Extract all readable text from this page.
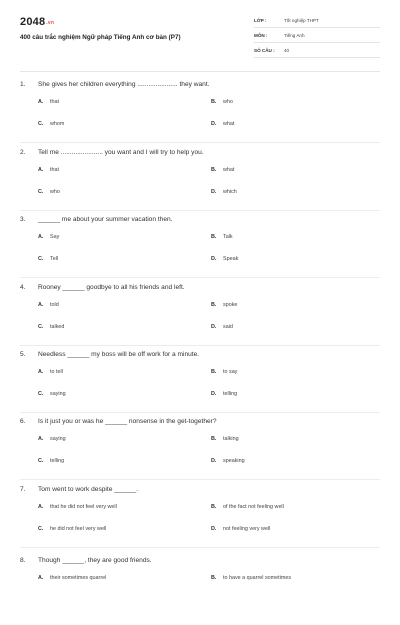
2048.vn
400 câu trắc nghiệm Ngữ pháp Tiếng Anh cơ bản (P7)
LỚP :	Tốt nghiệp THPT
MÔN :	Tiếng Anh
SỐ CÂU : 40
1. She gives her children everything ...................... they want.
A. that	B. who
C. whom	D. what
2. Tell me ....................... you want and I will try to help you.
A. that	B. what
C. who	D. which
3. ______ me about your summer vacation then.
A. Say	B. Talk
C. Tell	D. Speak
4. Rooney ______ goodbye to all his friends and left.
A. told	B. spoke
C. talked	D. said
5. Needless ______ my boss will be off work for a minute.
A. to tell	B. to say
C. saying	D. telling
6. Is it just you or was he ______ nonsense in the get-together?
A. saying	B. talking
C. telling	D. speaking
7. Tom went to work despite ______.
A. that he did not feel very well	B. of the fact not feeling well
C. he did not feel very well	D. not feeling very well
8. Though ______, they are good friends.
A. their sometimes quarrel	B. to have a quarrel sometimes
